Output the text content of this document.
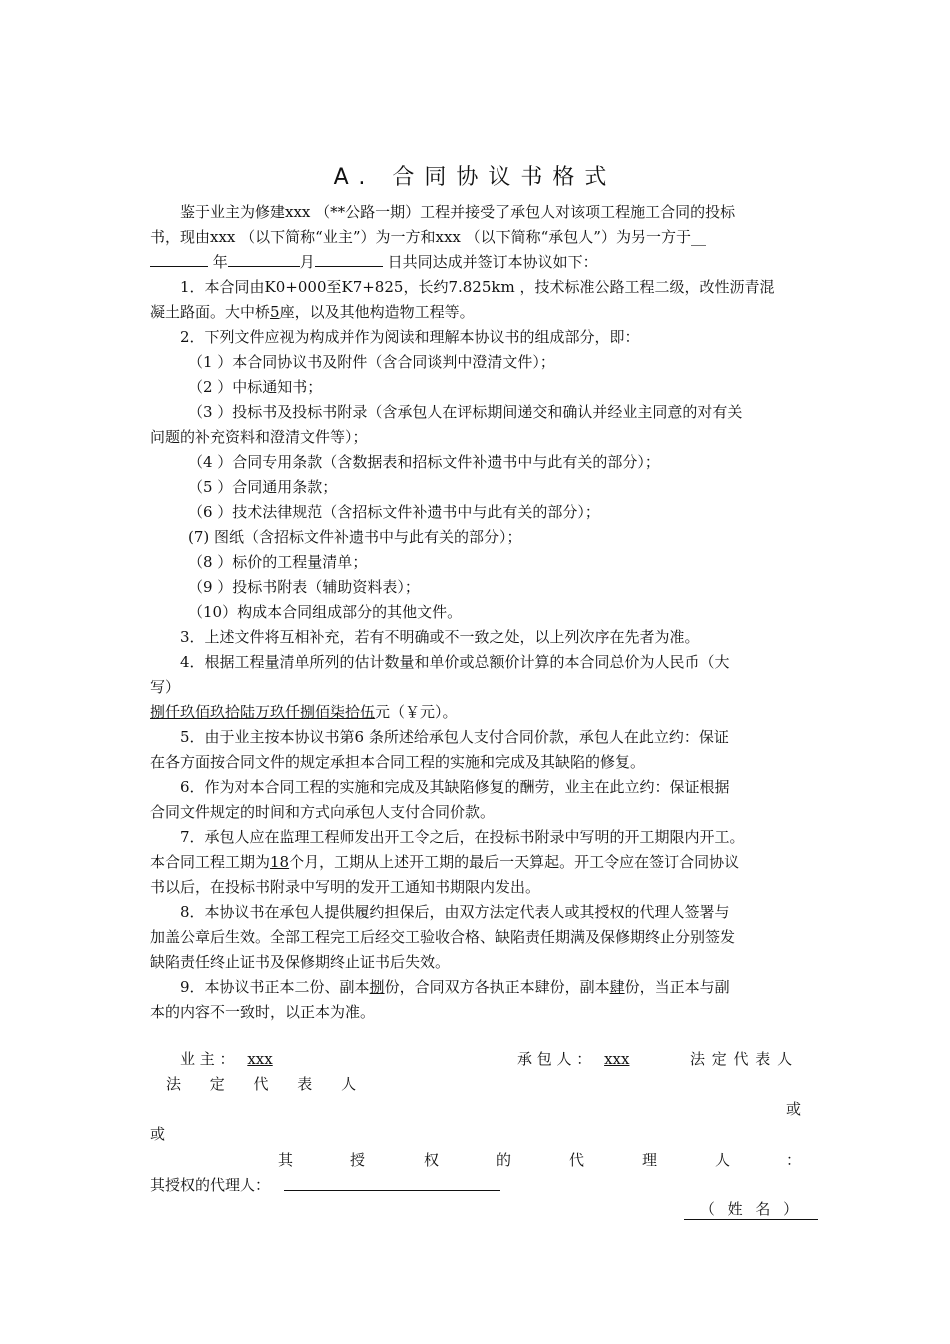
A. 合同协议书格式

鉴于业主为修建xxx （**公路一期）工程并接受了承包人对该项工程施工合同的投标

书，现由xxx （以下简称“业主”）为一方和xxx （以下简称“承包人”）为另一方于__

年	月	日共同达成并签订本协议如下：

1．本合同由K0+000至K7+825，长约7.825km ，技术标准公路工程二级，改性沥青混

凝土路面。大中桥5座，以及其他构造物工程等。

2．下列文件应视为构成并作为阅读和理解本协议书的组成部分，即：

（1 ）本合同协议书及附件（含合同谈判中澄清文件）；

（2 ）中标通知书；

（3 ）投标书及投标书附录（含承包人在评标期间递交和确认并经业主同意的对有关

问题的补充资料和澄清文件等）；

（4 ）合同专用条款（含数据表和招标文件补遗书中与此有关的部分）；

（5 ）合同通用条款；

（6 ）技术法律规范（含招标文件补遗书中与此有关的部分）；

(7) 图纸（含招标文件补遗书中与此有关的部分）；

（8 ）标价的工程量清单；

（9 ）投标书附表（辅助资料表）；

（10）构成本合同组成部分的其他文件。

3．上述文件将互相补充，若有不明确或不一致之处，以上列次序在先者为准。

4．根据工程量清单所列的估计数量和单价或总额价计算的本合同总价为人民币（大

写）

捌仟玖佰玖拾陆万玖仟捌佰柒拾伍元（￥元）。

5．由于业主按本协议书第6 条所述给承包人支付合同价款，承包人在此立约：保证

在各方面按合同文件的规定承担本合同工程的实施和完成及其缺陷的修复。

6．作为对本合同工程的实施和完成及其缺陷修复的酬劳，业主在此立约：保证根据

合同文件规定的时间和方式向承包人支付合同价款。

7．承包人应在监理工程师发出开工令之后，在投标书附录中写明的开工期限内开工。

本合同工程工期为18个月，工期从上述开工期的最后一天算起。开工令应在签订合同协议

书以后，在投标书附录中写明的发开工通知书期限内发出。

8．本协议书在承包人提供履约担保后，由双方法定代表人或其授权的代理人签署与

加盖公章后生效。全部工程完工后经交工验收合格、缺陷责任期满及保修期终止分别签发

缺陷责任终止证书及保修期终止证书后失效。

9．本协议书正本二份、副本捌份，合同双方各执正本肆份，副本肆份，当正本与副

本的内容不一致时，以正本为准。

业 主 ： xxx	承 包 人 ： xxx	法 定 代 表 人
法 定 代 表 人
或
或
其	授	权	的	代	理	人	：
其授权的代理人：
（ 姓 名 ）
